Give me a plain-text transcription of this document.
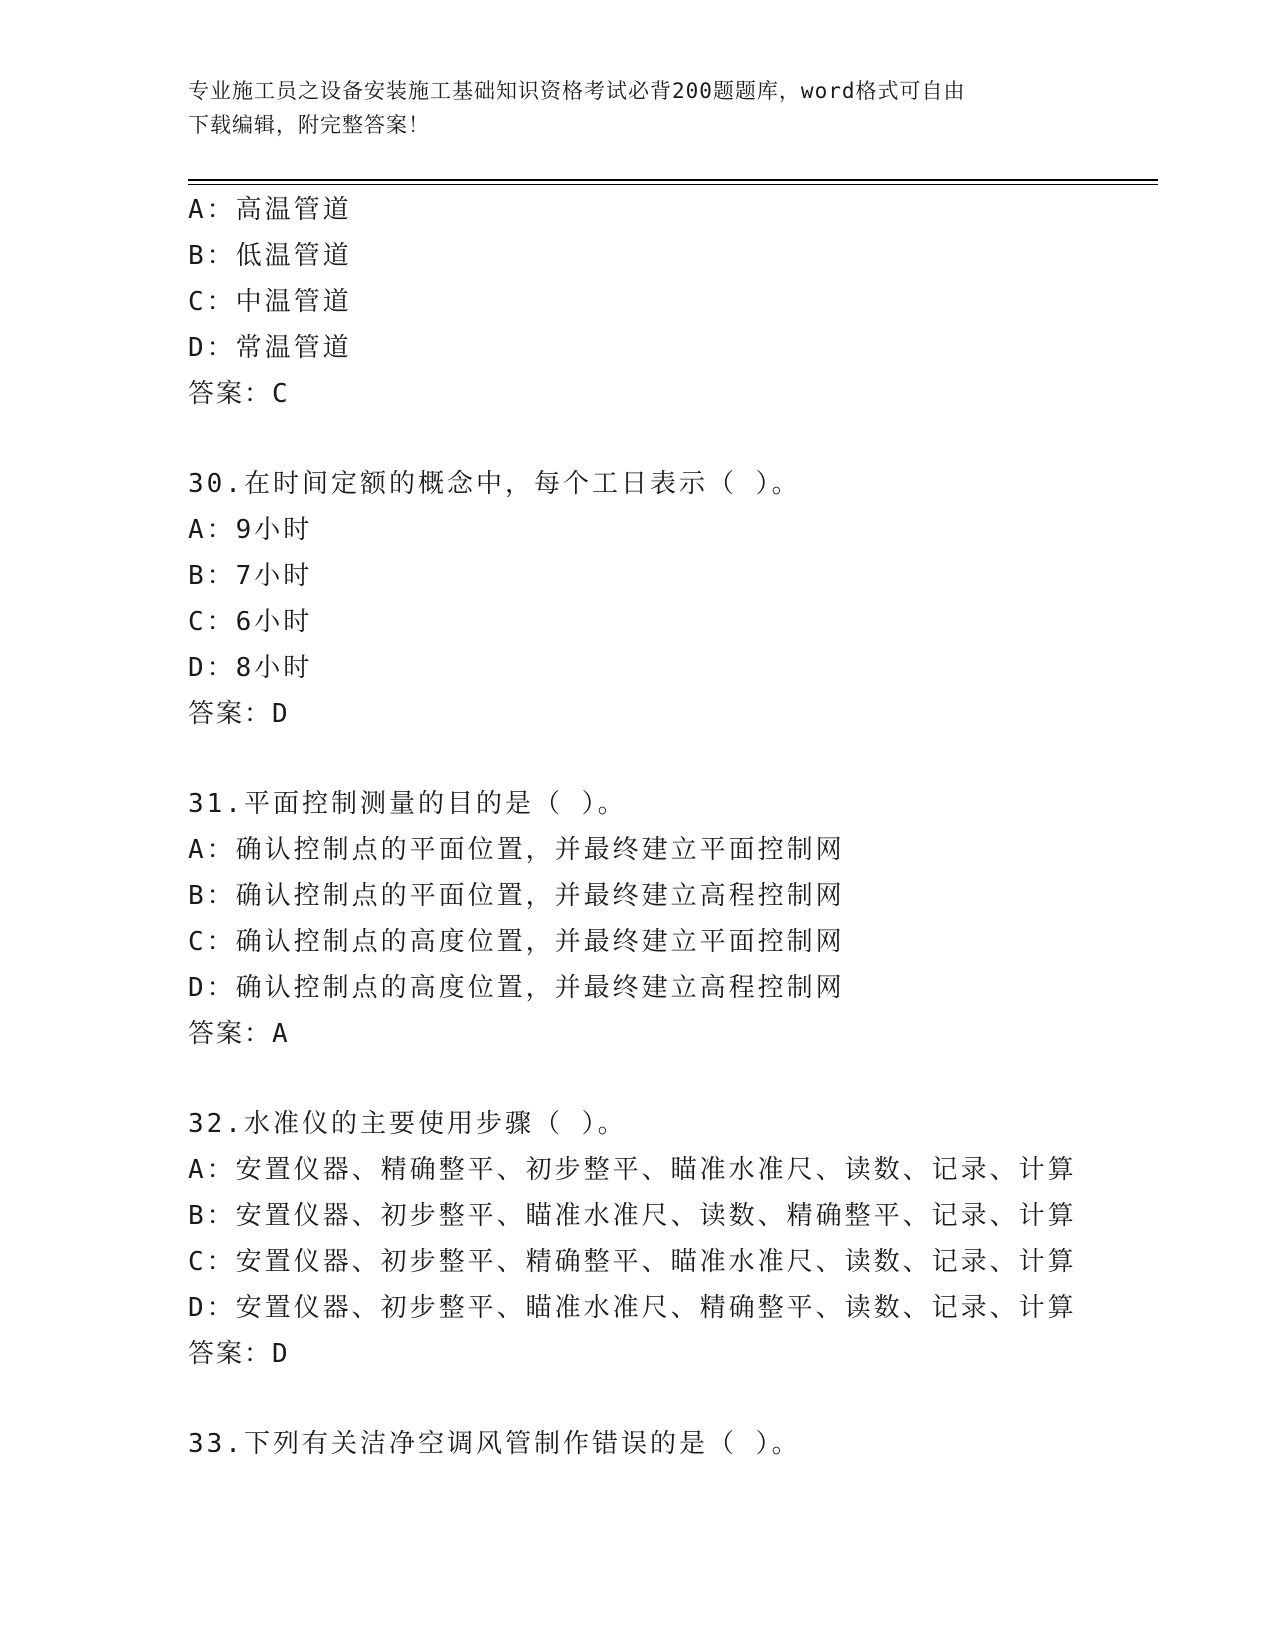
专业施工员之设备安装施工基础知识资格考试必背200题题库，word格式可自由
下载编辑，附完整答案！
A：高温管道
B：低温管道
C：中温管道
D：常温管道
答案：C
30.在时间定额的概念中，每个工日表示（ ）。
A：9小时
B：7小时
C：6小时
D：8小时
答案：D
31.平面控制测量的目的是（ ）。
A：确认控制点的平面位置，并最终建立平面控制网
B：确认控制点的平面位置，并最终建立高程控制网
C：确认控制点的高度位置，并最终建立平面控制网
D：确认控制点的高度位置，并最终建立高程控制网
答案：A
32.水准仪的主要使用步骤（ ）。
A：安置仪器、精确整平、初步整平、瞄准水准尺、读数、记录、计算
B：安置仪器、初步整平、瞄准水准尺、读数、精确整平、记录、计算
C：安置仪器、初步整平、精确整平、瞄准水准尺、读数、记录、计算
D：安置仪器、初步整平、瞄准水准尺、精确整平、读数、记录、计算
答案：D
33.下列有关洁净空调风管制作错误的是（ ）。
